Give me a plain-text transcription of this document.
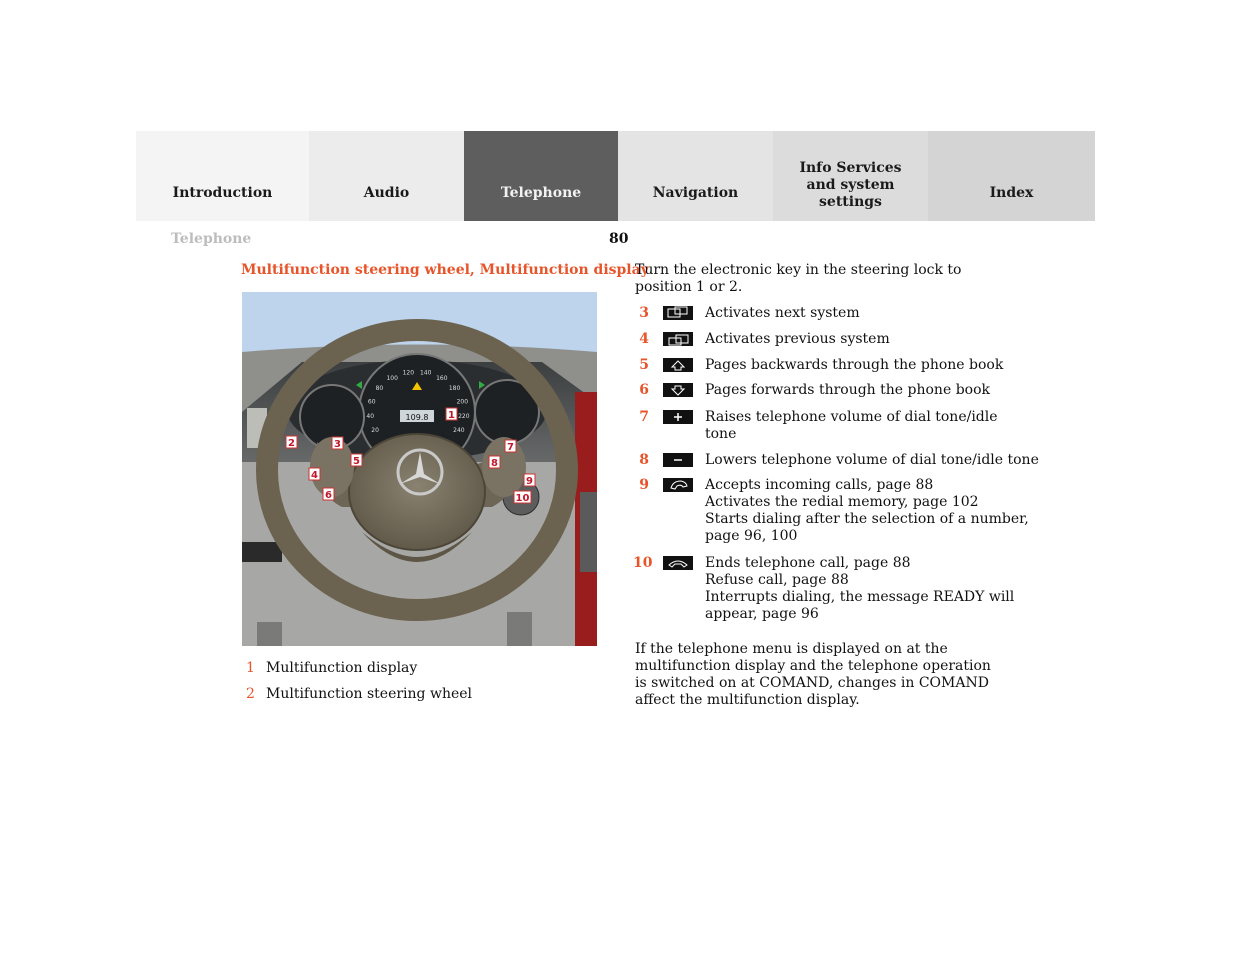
Introduction	Audio	Telephone	Navigation
Info Services and system settings
Index
Telephone	80
Multifunction steering wheel, Multifunction display
109.8
20
40
60
80
100
120 140
160
180
200
220
240
1
2	3
4
5
6
7
8
9
10
1 Multifunction display
2 Multifunction steering wheel
Turn the electronic key in the steering lock to position 1 or 2.
3	Activates next system
4	Activates previous system
5	Pages backwards through the phone book
6	Pages forwards through the phone book
7	Raises telephone volume of dial tone/idle
tone
8	Lowers telephone volume of dial tone/idle tone
9	Accepts incoming calls, page 88
Activates the redial memory, page 102
Starts dialing after the selection of a number,
page 96, 100
10	Ends telephone call, page 88
Refuse call, page 88
Interrupts dialing, the message READY will
appear, page 96
If the telephone menu is displayed on at the multifunction display and the telephone operation is switched on at COMAND, changes in COMAND affect the multifunction display.
